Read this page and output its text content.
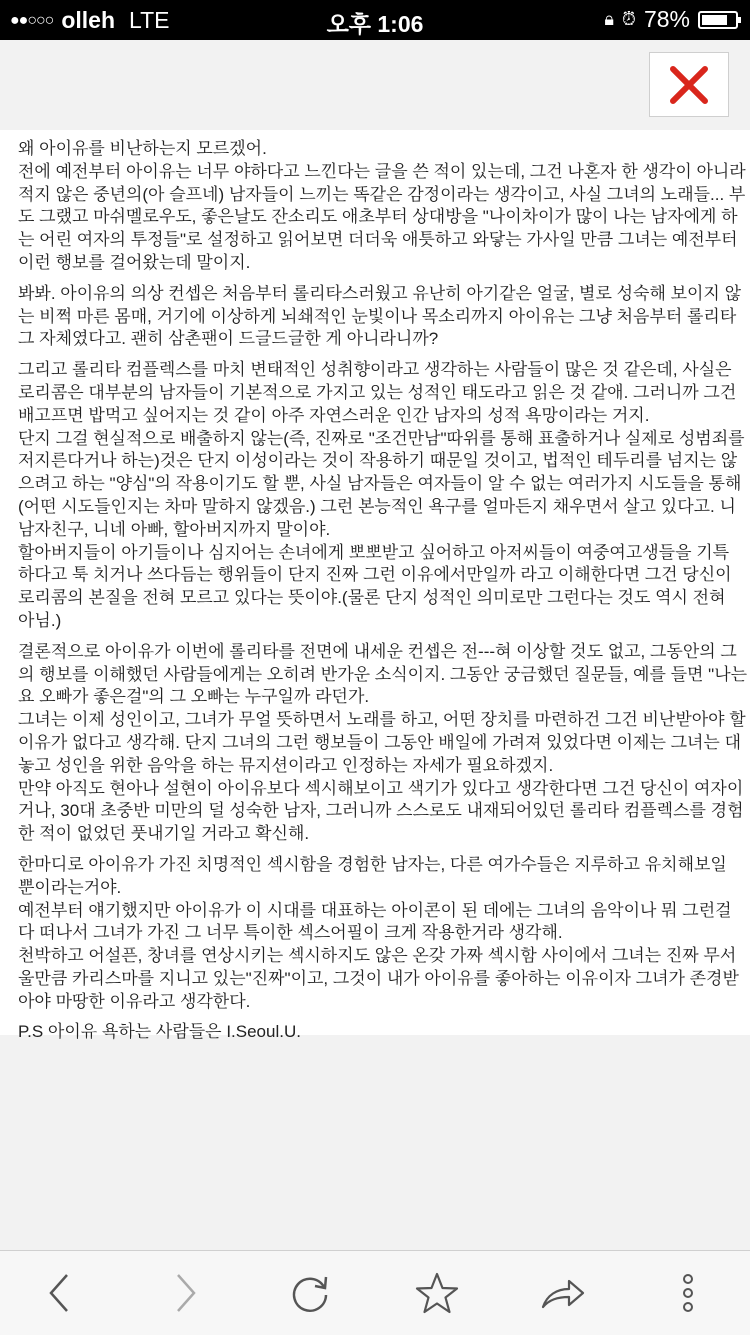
●●○○○ olleh LTE	오후 1:06	🔒︎ ⏰︎ 78%
왜 아이유를 비난하는지 모르겠어.
전에 예전부터 아이유는 너무 야하다고 느낀다는 글을 쓴 적이 있는데, 그건 나혼자 한 생각이 아니라
적지 않은 중년의(아 슬프네) 남자들이 느끼는 똑같은 감정이라는 생각이고, 사실 그녀의 노래들... 부
도 그랬고 마쉬멜로우도, 좋은날도 잔소리도 애초부터 상대방을 "나이차이가 많이 나는 남자에게 하
는 어린 여자의 투정들"로 설정하고 읽어보면 더더욱 애틋하고 와닿는 가사일 만큼 그녀는 예전부터
이런 행보를 걸어왔는데 말이지.
봐봐. 아이유의 의상 컨셉은 처음부터 롤리타스러웠고 유난히 아기같은 얼굴, 별로 성숙해 보이지 않
는 비쩍 마른 몸매, 거기에 이상하게 뇌쇄적인 눈빛이나 목소리까지 아이유는 그냥 처음부터 롤리타
그 자체였다고. 괜히 삼촌팬이 드글드글한 게 아니라니까?
그리고 롤리타 컴플렉스를 마치 변태적인 성취향이라고 생각하는 사람들이 많은 것 같은데, 사실은
로리콤은 대부분의 남자들이 기본적으로 가지고 있는 성적인 태도라고 읽은 것 같애. 그러니까 그건
배고프면 밥먹고 싶어지는 것 같이 아주 자연스러운 인간 남자의 성적 욕망이라는 거지.
단지 그걸 현실적으로 배출하지 않는(즉, 진짜로 "조건만남"따위를 통해 표출하거나 실제로 성범죄를
저지른다거나 하는)것은 단지 이성이라는 것이 작용하기 때문일 것이고, 법적인 테두리를 넘지는 않
으려고 하는 "양심"의 작용이기도 할 뿐, 사실 남자들은 여자들이 알 수 없는 여러가지 시도들을 통해
(어떤 시도들인지는 차마 말하지 않겠음.) 그런 본능적인 욕구를 얼마든지 채우면서 살고 있다고. 니
남자친구, 니네 아빠, 할아버지까지 말이야.
할아버지들이 아기들이나 심지어는 손녀에게 뽀뽀받고 싶어하고 아저씨들이 여중여고생들을 기특
하다고 툭 치거나 쓰다듬는 행위들이 단지 진짜 그런 이유에서만일까 라고 이해한다면 그건 당신이
로리콤의 본질을 전혀 모르고 있다는 뜻이야.(물론 단지 성적인 의미로만 그런다는 것도 역시 전혀
아님.)
결론적으로 아이유가 이번에 롤리타를 전면에 내세운 컨셉은 전---혀 이상할 것도 없고, 그동안의 그
의 행보를 이해했던 사람들에게는 오히려 반가운 소식이지. 그동안 궁금했던 질문들, 예를 들면 "나는
요 오빠가 좋은걸"의 그 오빠는 누구일까 라던가.
그녀는 이제 성인이고, 그녀가 무얼 뜻하면서 노래를 하고, 어떤 장치를 마련하건 그건 비난받아야 할
이유가 없다고 생각해. 단지 그녀의 그런 행보들이 그동안 배일에 가려져 있었다면 이제는 그녀는 대
놓고 성인을 위한 음악을 하는 뮤지션이라고 인정하는 자세가 필요하겠지.
만약 아직도 현아나 설현이 아이유보다 섹시해보이고 색기가 있다고 생각한다면 그건 당신이 여자이
거나, 30대 초중반 미만의 덜 성숙한 남자, 그러니까 스스로도 내재되어있던 롤리타 컴플렉스를 경험
한 적이 없었던 풋내기일 거라고 확신해.
한마디로 아이유가 가진 치명적인 섹시함을 경험한 남자는, 다른 여가수들은 지루하고 유치해보일
뿐이라는거야.
예전부터 얘기했지만 아이유가 이 시대를 대표하는 아이콘이 된 데에는 그녀의 음악이나 뭐 그런걸
다 떠나서 그녀가 가진 그 너무 특이한 섹스어필이 크게 작용한거라 생각해.
천박하고 어설픈, 창녀를 연상시키는 섹시하지도 않은 온갖 가짜 섹시함 사이에서 그녀는 진짜 무서
울만큼 카리스마를 지니고 있는"진짜"이고, 그것이 내가 아이유를 좋아하는 이유이자 그녀가 존경받
아야 마땅한 이유라고 생각한다.
P.S 아이유 욕하는 사람들은 I.Seoul.U.
